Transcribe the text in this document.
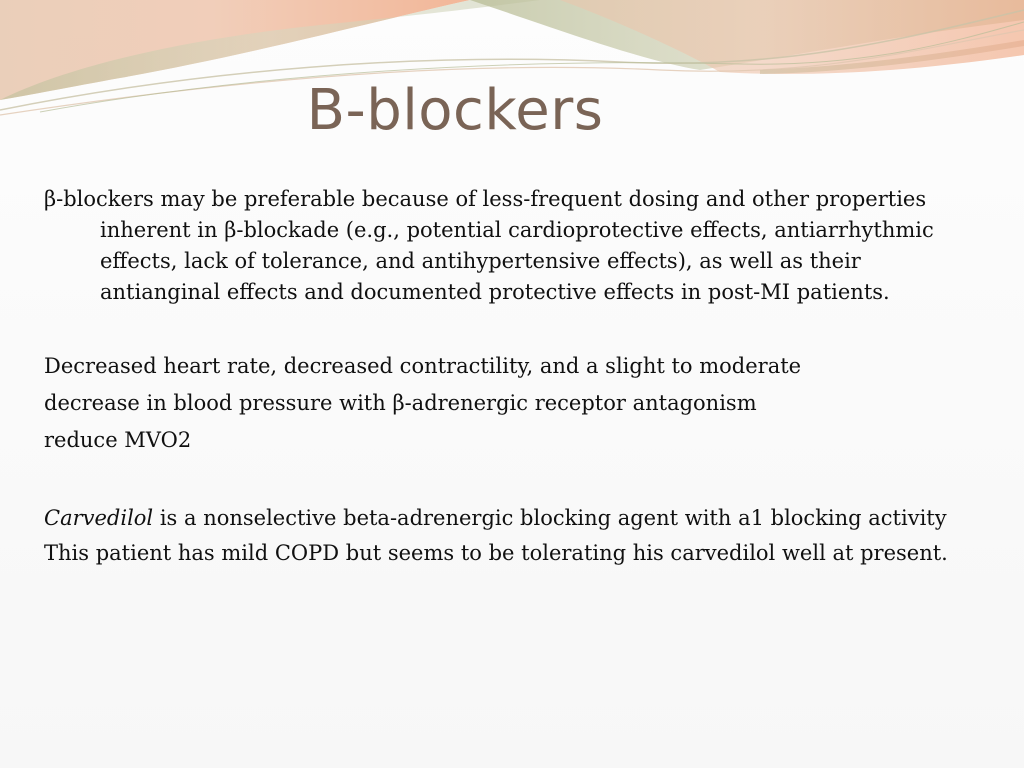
B-blockers

β-blockers may be preferable because of less-frequent dosing and other properties inherent in β-blockade (e.g., potential cardioprotective effects, antiarrhythmic effects, lack of tolerance, and antihypertensive effects), as well as their antianginal effects and documented protective effects in post-MI patients.

Decreased heart rate, decreased contractility, and a slight to moderate

decrease in blood pressure with β-adrenergic receptor antagonism

reduce MVO2

Carvedilol is a nonselective beta-adrenergic blocking agent with a1 blocking activity

This patient has mild COPD but seems to be tolerating his carvedilol well at present.
